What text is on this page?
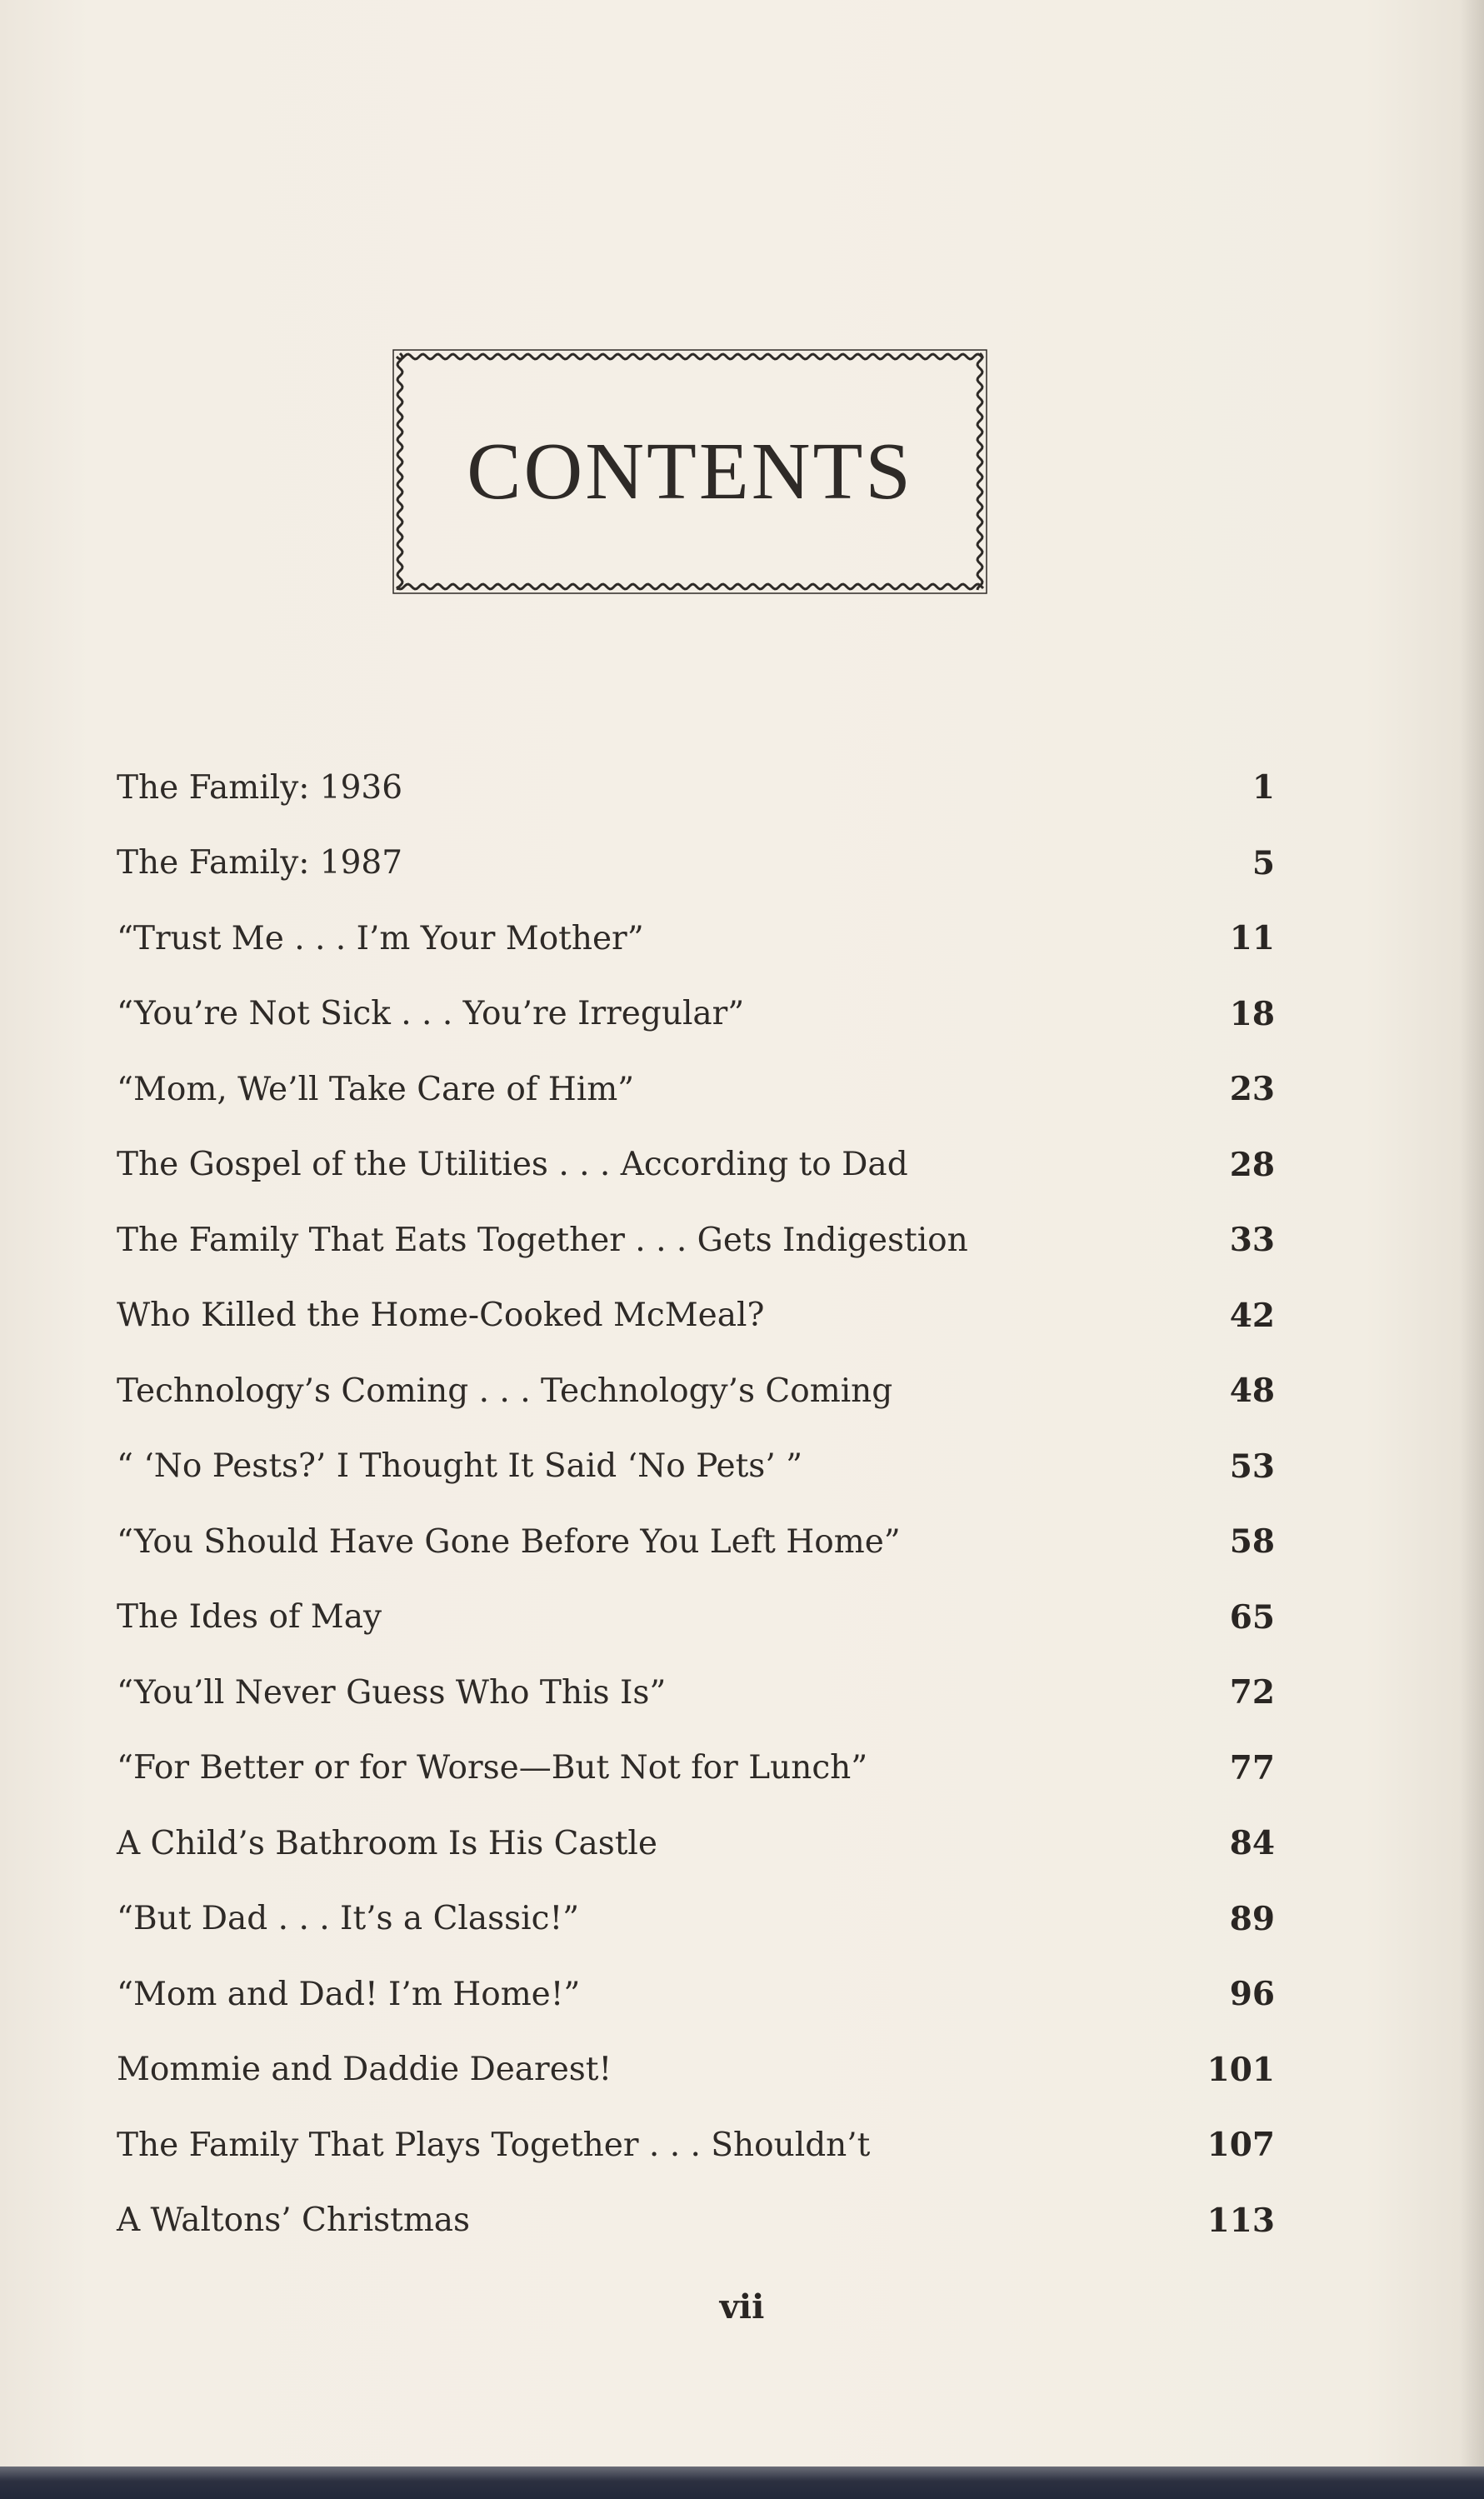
CONTENTS
The Family: 1936	1
The Family: 1987	5
“Trust Me . . . I’m Your Mother”	11
“You’re Not Sick . . . You’re Irregular”	18
“Mom, We’ll Take Care of Him”	23
The Gospel of the Utilities . . . According to Dad	28
The Family That Eats Together . . . Gets Indigestion	33
Who Killed the Home-Cooked McMeal?	42
Technology’s Coming . . . Technology’s Coming	48
“ ‘No Pests?’ I Thought It Said ‘No Pets’ ”	53
“You Should Have Gone Before You Left Home”	58
The Ides of May	65
“You’ll Never Guess Who This Is”	72
“For Better or for Worse—But Not for Lunch”	77
A Child’s Bathroom Is His Castle	84
“But Dad . . . It’s a Classic!”	89
“Mom and Dad! I’m Home!”	96
Mommie and Daddie Dearest!	101
The Family That Plays Together . . . Shouldn’t	107
A Waltons’ Christmas	113
vii
